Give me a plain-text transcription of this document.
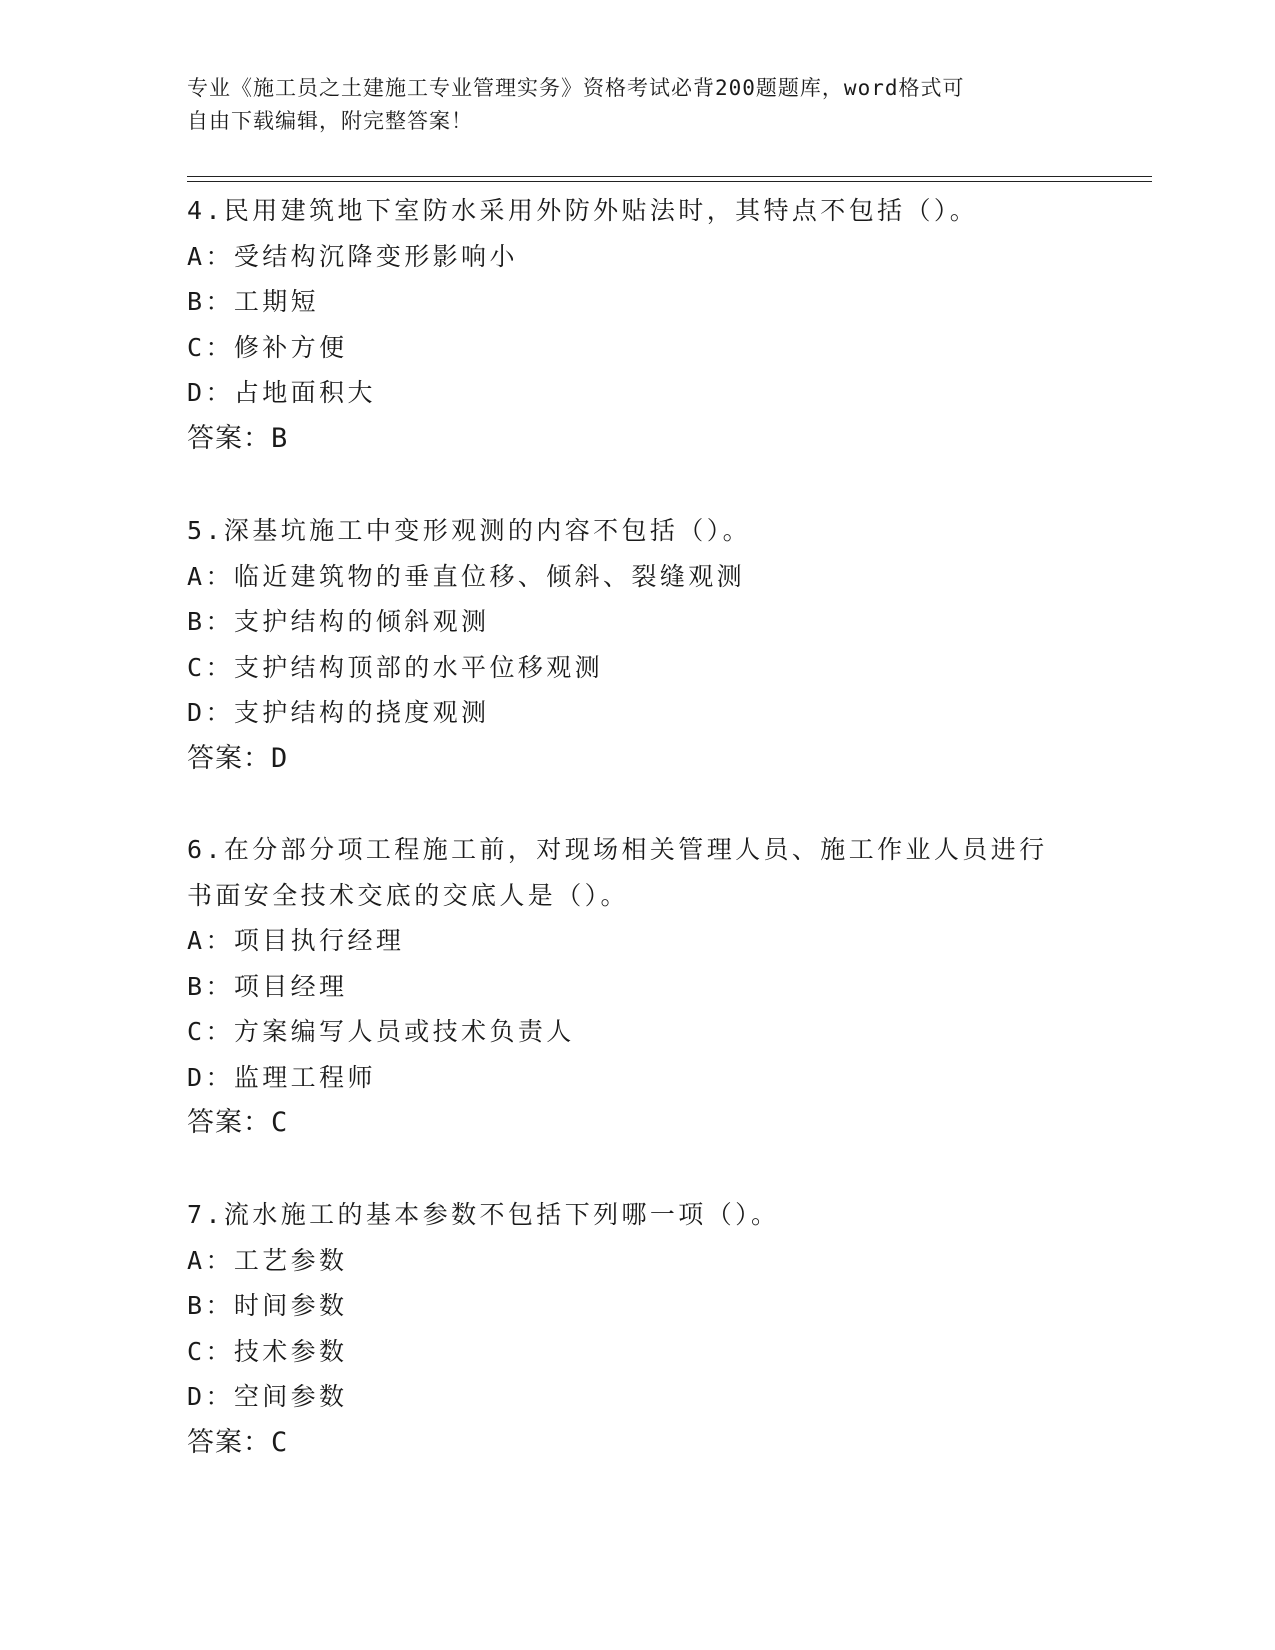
专业《施工员之土建施工专业管理实务》资格考试必背200题题库，word格式可
自由下载编辑，附完整答案！
4.民用建筑地下室防水采用外防外贴法时，其特点不包括（）。
A：受结构沉降变形影响小
B：工期短
C：修补方便
D：占地面积大
答案：B
5.深基坑施工中变形观测的内容不包括（）。
A：临近建筑物的垂直位移、倾斜、裂缝观测
B：支护结构的倾斜观测
C：支护结构顶部的水平位移观测
D：支护结构的挠度观测
答案：D
6.在分部分项工程施工前，对现场相关管理人员、施工作业人员进行
书面安全技术交底的交底人是（）。
A：项目执行经理
B：项目经理
C：方案编写人员或技术负责人
D：监理工程师
答案：C
7.流水施工的基本参数不包括下列哪一项（）。
A：工艺参数
B：时间参数
C：技术参数
D：空间参数
答案：C
